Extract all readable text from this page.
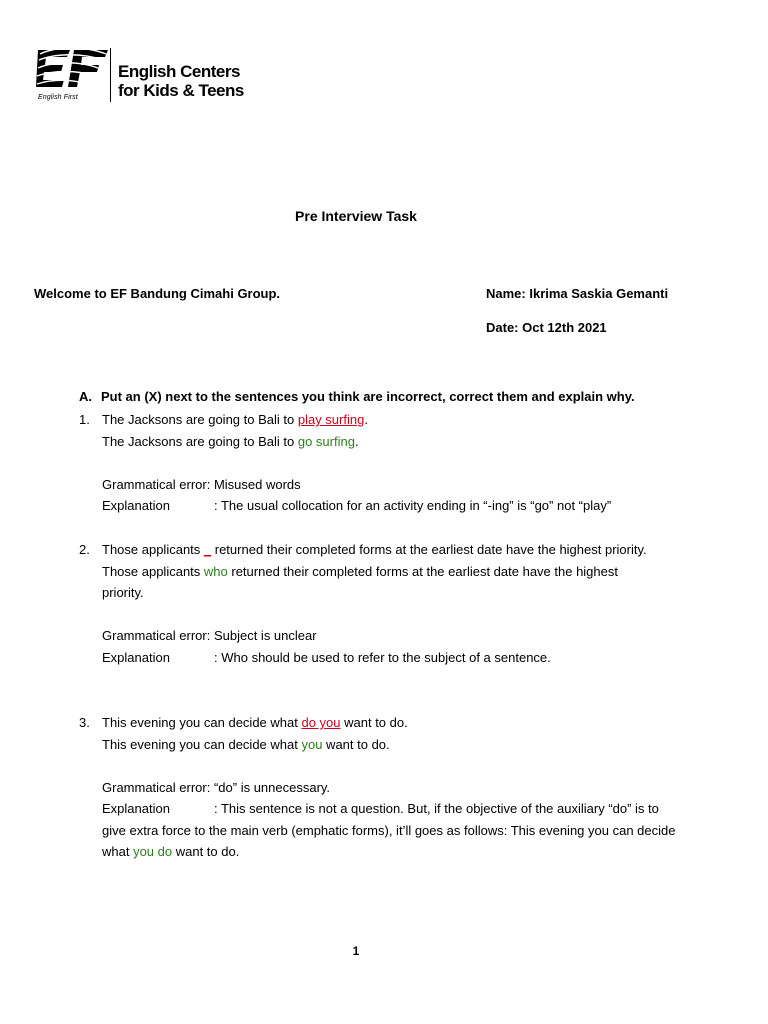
English First
English Centers
for Kids & Teens
Pre Interview Task
Welcome to EF Bandung Cimahi Group.	Name: Ikrima Saskia Gemanti
Date: Oct 12th 2021
A. Put an (X) next to the sentences you think are incorrect, correct them and explain why.
1. The Jacksons are going to Bali to play surfing.
The Jacksons are going to Bali to go surfing.
Grammatical error: Misused words
Explanation	: The usual collocation for an activity ending in “-ing” is “go” not “play”
2. Those applicants _ returned their completed forms at the earliest date have the highest priority.
Those applicants who returned their completed forms at the earliest date have the highest priority.
Grammatical error: Subject is unclear
Explanation	: Who should be used to refer to the subject of a sentence.
3. This evening you can decide what do you want to do.
This evening you can decide what you want to do.
Grammatical error: “do” is unnecessary.
Explanation	: This sentence is not a question. But, if the objective of the auxiliary “do” is to give extra force to the main verb (emphatic forms), it’ll goes as follows: This evening you can decide what you do want to do.
1
